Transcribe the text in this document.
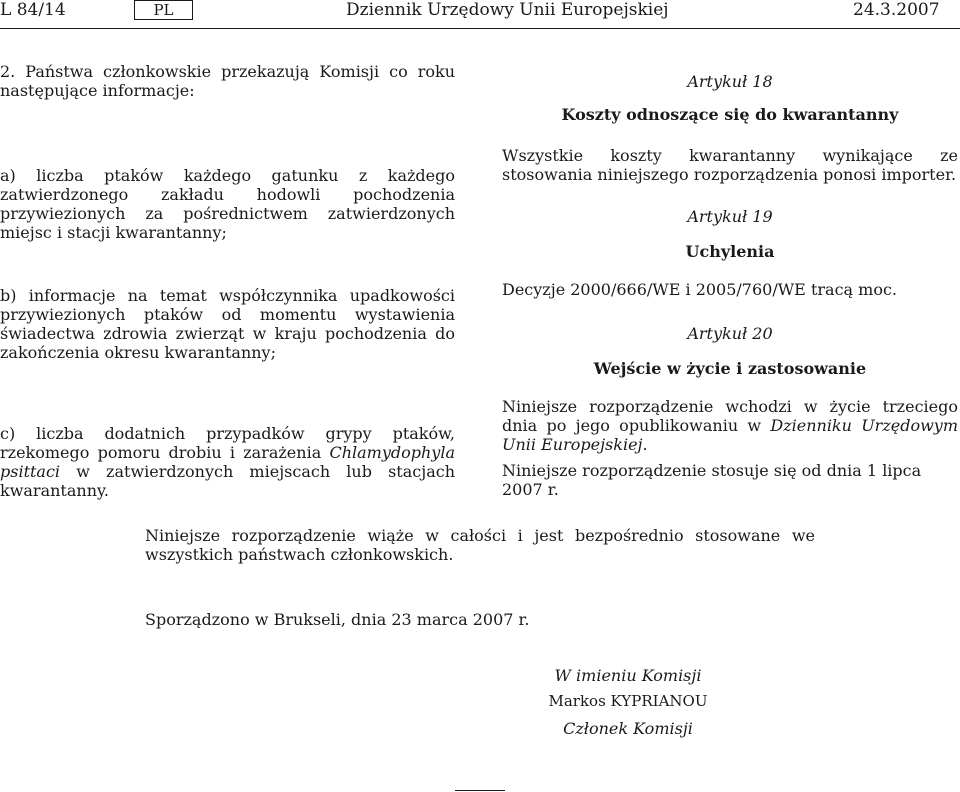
L 84/14	PL	Dziennik Urzędowy Unii Europejskiej	24.3.2007

2. Państwa członkowskie przekazują Komisji co roku następujące informacje:

a) liczba ptaków każdego gatunku z każdego zatwierdzonego zakładu hodowli pochodzenia przywiezionych za pośrednictwem zatwierdzonych miejsc i stacji kwarantanny;

b) informacje na temat współczynnika upadkowości przywiezionych ptaków od momentu wystawienia świadectwa zdrowia zwierząt w kraju pochodzenia do zakończenia okresu kwarantanny;

c) liczba dodatnich przypadków grypy ptaków, rzekomego pomoru drobiu i zarażenia Chlamydophyla psittaci w zatwierdzonych miejscach lub stacjach kwarantanny.

Artykuł 18
Koszty odnoszące się do kwarantanny

Wszystkie koszty kwarantanny wynikające ze stosowania niniejszego rozporządzenia ponosi importer.

Artykuł 19
Uchylenia

Decyzje 2000/666/WE i 2005/760/WE tracą moc.

Artykuł 20
Wejście w życie i zastosowanie

Niniejsze rozporządzenie wchodzi w życie trzeciego dnia po jego opublikowaniu w Dzienniku Urzędowym Unii Europejskiej.

Niniejsze rozporządzenie stosuje się od dnia 1 lipca 2007 r.

Niniejsze rozporządzenie wiąże w całości i jest bezpośrednio stosowane we wszystkich państwach członkowskich.

Sporządzono w Brukseli, dnia 23 marca 2007 r.

W imieniu Komisji
Markos KYPRIANOU
Członek Komisji
